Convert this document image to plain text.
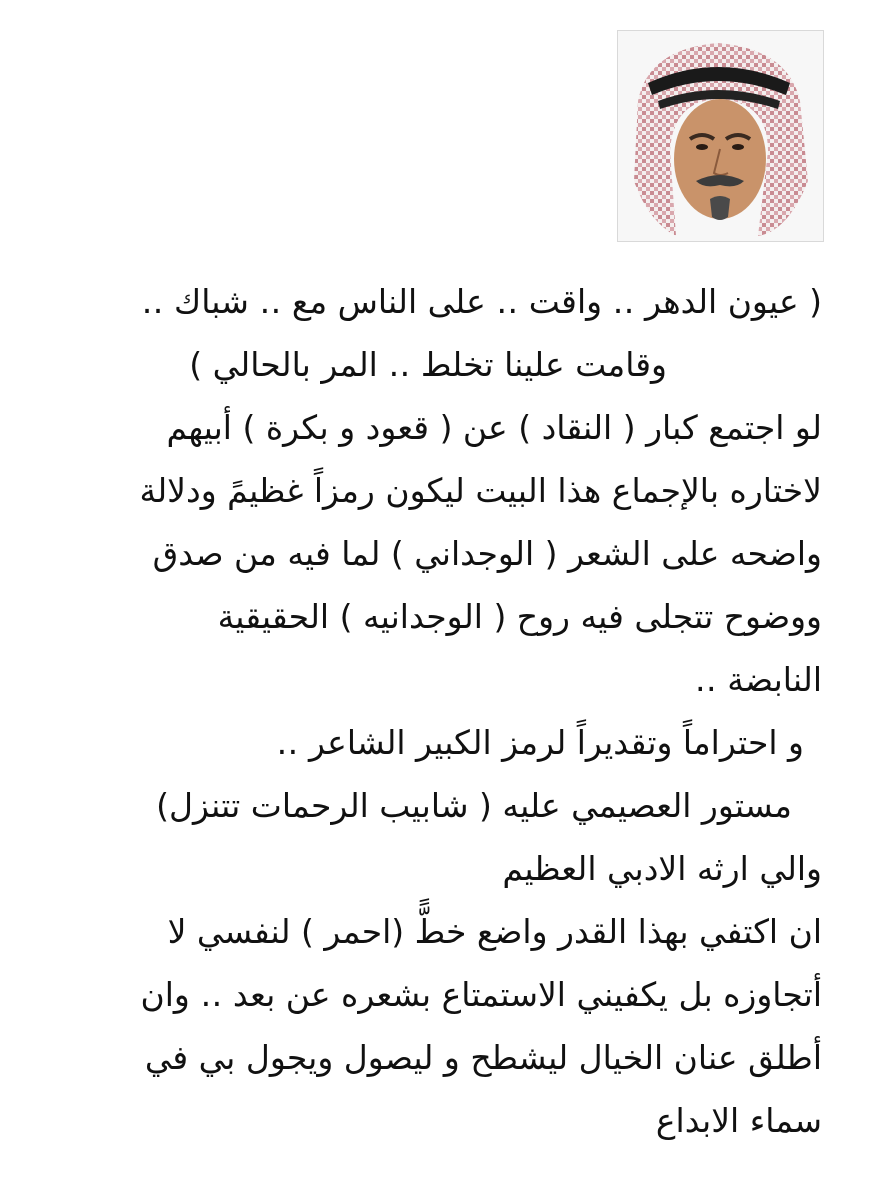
( عيون الدهر ‥ واقت ‥ على الناس مع ‥ شباك ‥
وقامت علينا تخلط ‥ المر بالحالي )
لو اجتمع كبار ( النقاد ) عن ( قعود و بكرة ) أبيهم
لاختاره بالإجماع هذا البيت ليكون رمزاً غظيمً ودلالة
واضحه على الشعر ( الوجداني ) لما فيه من صدق
ووضوح تتجلى فيه روح ( الوجدانيه ) الحقيقية
النابضة ‥
و احتراماً وتقديراً لرمز الكبير الشاعر ‥
مستور العصيمي عليه ( شابيب الرحمات تتنزل)
والي ارثه الادبي العظيم
ان اكتفي بهذا القدر واضع خطًّ (احمر ) لنفسي لا
أتجاوزه بل يكفيني الاستمتاع بشعره عن بعد ‥ وان
أطلق عنان الخيال ليشطح و ليصول ويجول بي في
سماء الابداع
